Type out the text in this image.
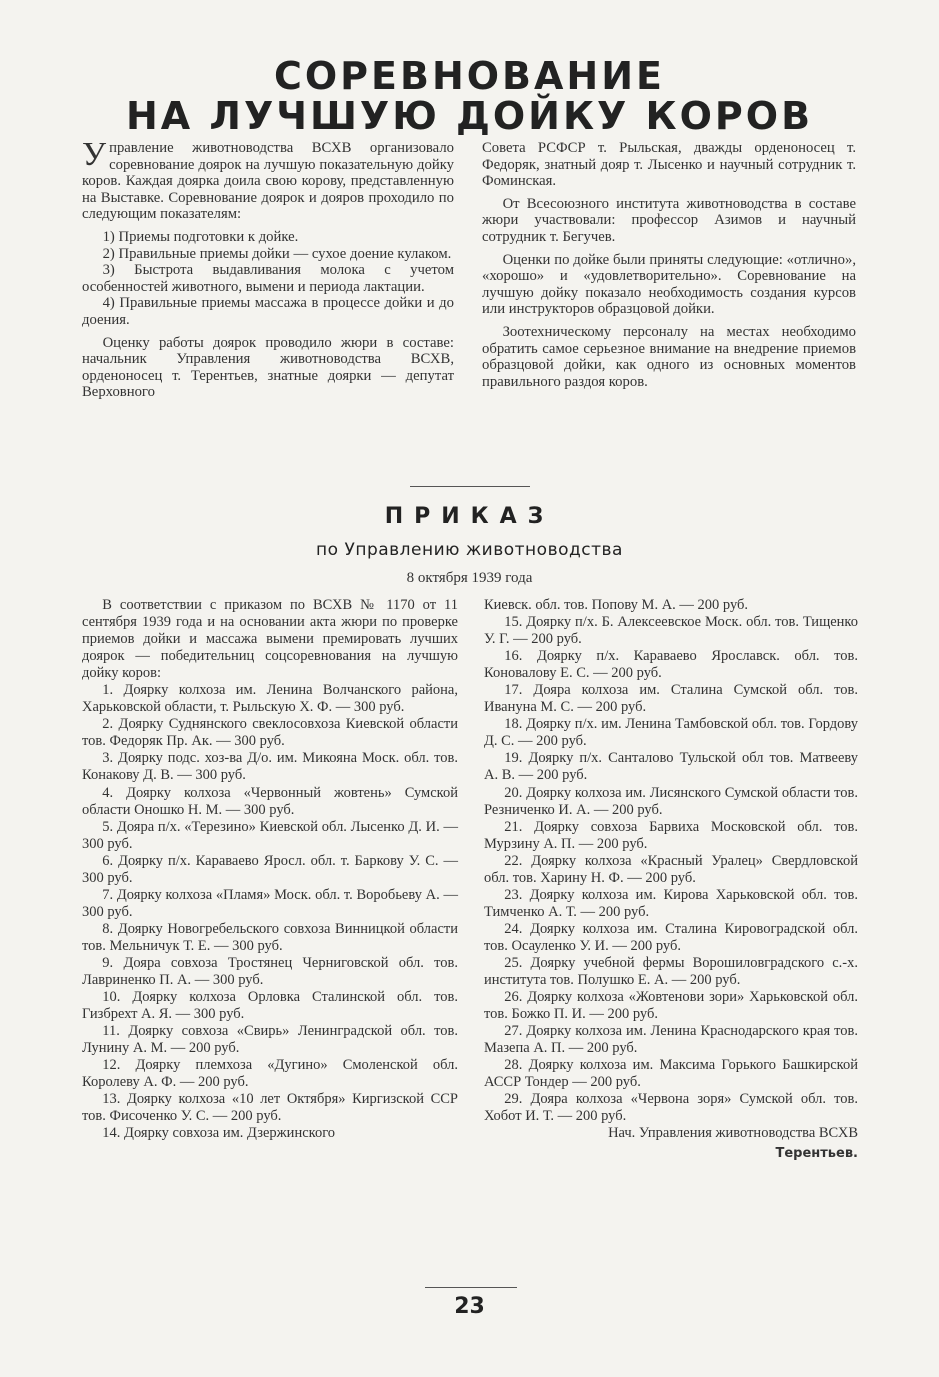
СОРЕВНОВАНИЕ
НА ЛУЧШУЮ ДОЙКУ КОРОВ

Управление животноводства ВСХВ организовало соревнование доярок на лучшую показательную дойку коров. Каждая доярка доила свою корову, представленную на Выставке. Соревнование доярок и дояров проходило по следующим показателям:

1) Приемы подготовки к дойке.

2) Правильные приемы дойки — сухое доение кулаком.

3) Быстрота выдавливания молока с учетом особенностей животного, вымени и периода лактации.

4) Правильные приемы массажа в процессе дойки и до доения.

Оценку работы доярок проводило жюри в составе: начальник Управления животноводства ВСХВ, орденоносец т. Терентьев, знатные доярки — депутат Верховного

Совета РСФСР т. Рыльская, дважды орденоносец т. Федоряк, знатный дояр т. Лысенко и научный сотрудник т. Фоминская.

От Всесоюзного института животноводства в составе жюри участвовали: профессор Азимов и научный сотрудник т. Бегучев.

Оценки по дойке были приняты следующие: «отлично», «хорошо» и «удовлетворительно». Соревнование на лучшую дойку показало необходимость создания курсов или инструкторов образцовой дойки.

Зоотехническому персоналу на местах необходимо обратить самое серьезное внимание на внедрение приемов образцовой дойки, как одного из основных моментов правильного раздоя коров.

ПРИКАЗ
по Управлению животноводства
8 октября 1939 года

В соответствии с приказом по ВСХВ № 1170 от 11 сентября 1939 года и на основании акта жюри по проверке приемов дойки и массажа вымени премировать лучших доярок — победительниц соцсоревнования на лучшую дойку коров:

1. Доярку колхоза им. Ленина Волчанского района, Харьковской области, т. Рыльскую Х. Ф. — 300 руб.

2. Доярку Суднянского свеклосовхоза Киевской области тов. Федоряк Пр. Ак. — 300 руб.

3. Доярку подс. хоз-ва Д/о. им. Микояна Моск. обл. тов. Конакову Д. В. — 300 руб.

4. Доярку колхоза «Червонный жовтень» Сумской области Оношко Н. М. — 300 руб.

5. Дояра п/х. «Терезино» Киевской обл. Лысенко Д. И. — 300 руб.

6. Доярку п/х. Караваево Яросл. обл. т. Баркову У. С. — 300 руб.

7. Доярку колхоза «Пламя» Моск. обл. т. Воробьеву А. — 300 руб.

8. Доярку Новогребельского совхоза Винницкой области тов. Мельничук Т. Е. — 300 руб.

9. Дояра совхоза Тростянец Черниговской обл. тов. Лавриненко П. А. — 300 руб.

10. Доярку колхоза Орловка Сталинской обл. тов. Гизбрехт А. Я. — 300 руб.

11. Доярку совхоза «Свирь» Ленинградской обл. тов. Лунину А. М. — 200 руб.

12. Доярку племхоза «Дугино» Смоленской обл. Королеву А. Ф. — 200 руб.

13. Доярку колхоза «10 лет Октября» Киргизской ССР тов. Фисоченко У. С. — 200 руб.

14. Доярку совхоза им. Дзержинского

Киевск. обл. тов. Попову М. А. — 200 руб.

15. Доярку п/х. Б. Алексеевское Моск. обл. тов. Тищенко У. Г. — 200 руб.

16. Доярку п/х. Караваево Ярославск. обл. тов. Коновалову Е. С. — 200 руб.

17. Дояра колхоза им. Сталина Сумской обл. тов. Ивануна М. С. — 200 руб.

18. Доярку п/х. им. Ленина Тамбовской обл. тов. Гордову Д. С. — 200 руб.

19. Доярку п/х. Санталово Тульской обл тов. Матвееву А. В. — 200 руб.

20. Доярку колхоза им. Лисянского Сумской области тов. Резниченко И. А. — 200 руб.

21. Доярку совхоза Барвиха Московской обл. тов. Мурзину А. П. — 200 руб.

22. Доярку колхоза «Красный Уралец» Свердловской обл. тов. Харину Н. Ф. — 200 руб.

23. Доярку колхоза им. Кирова Харьковской обл. тов. Тимченко А. Т. — 200 руб.

24. Доярку колхоза им. Сталина Кировоградской обл. тов. Осауленко У. И. — 200 руб.

25. Доярку учебной фермы Ворошиловградского с.-х. института тов. Полушко Е. А. — 200 руб.

26. Доярку колхоза «Жовтенови зори» Харьковской обл. тов. Божко П. И. — 200 руб.

27. Доярку колхоза им. Ленина Краснодарского края тов. Мазепа А. П. — 200 руб.

28. Доярку колхоза им. Максима Горького Башкирской АССР Тондер — 200 руб.

29. Дояра колхоза «Червона зоря» Сумской обл. тов. Хобот И. Т. — 200 руб.

Нач. Управления животноводства ВСХВ

Терентьев.
23
